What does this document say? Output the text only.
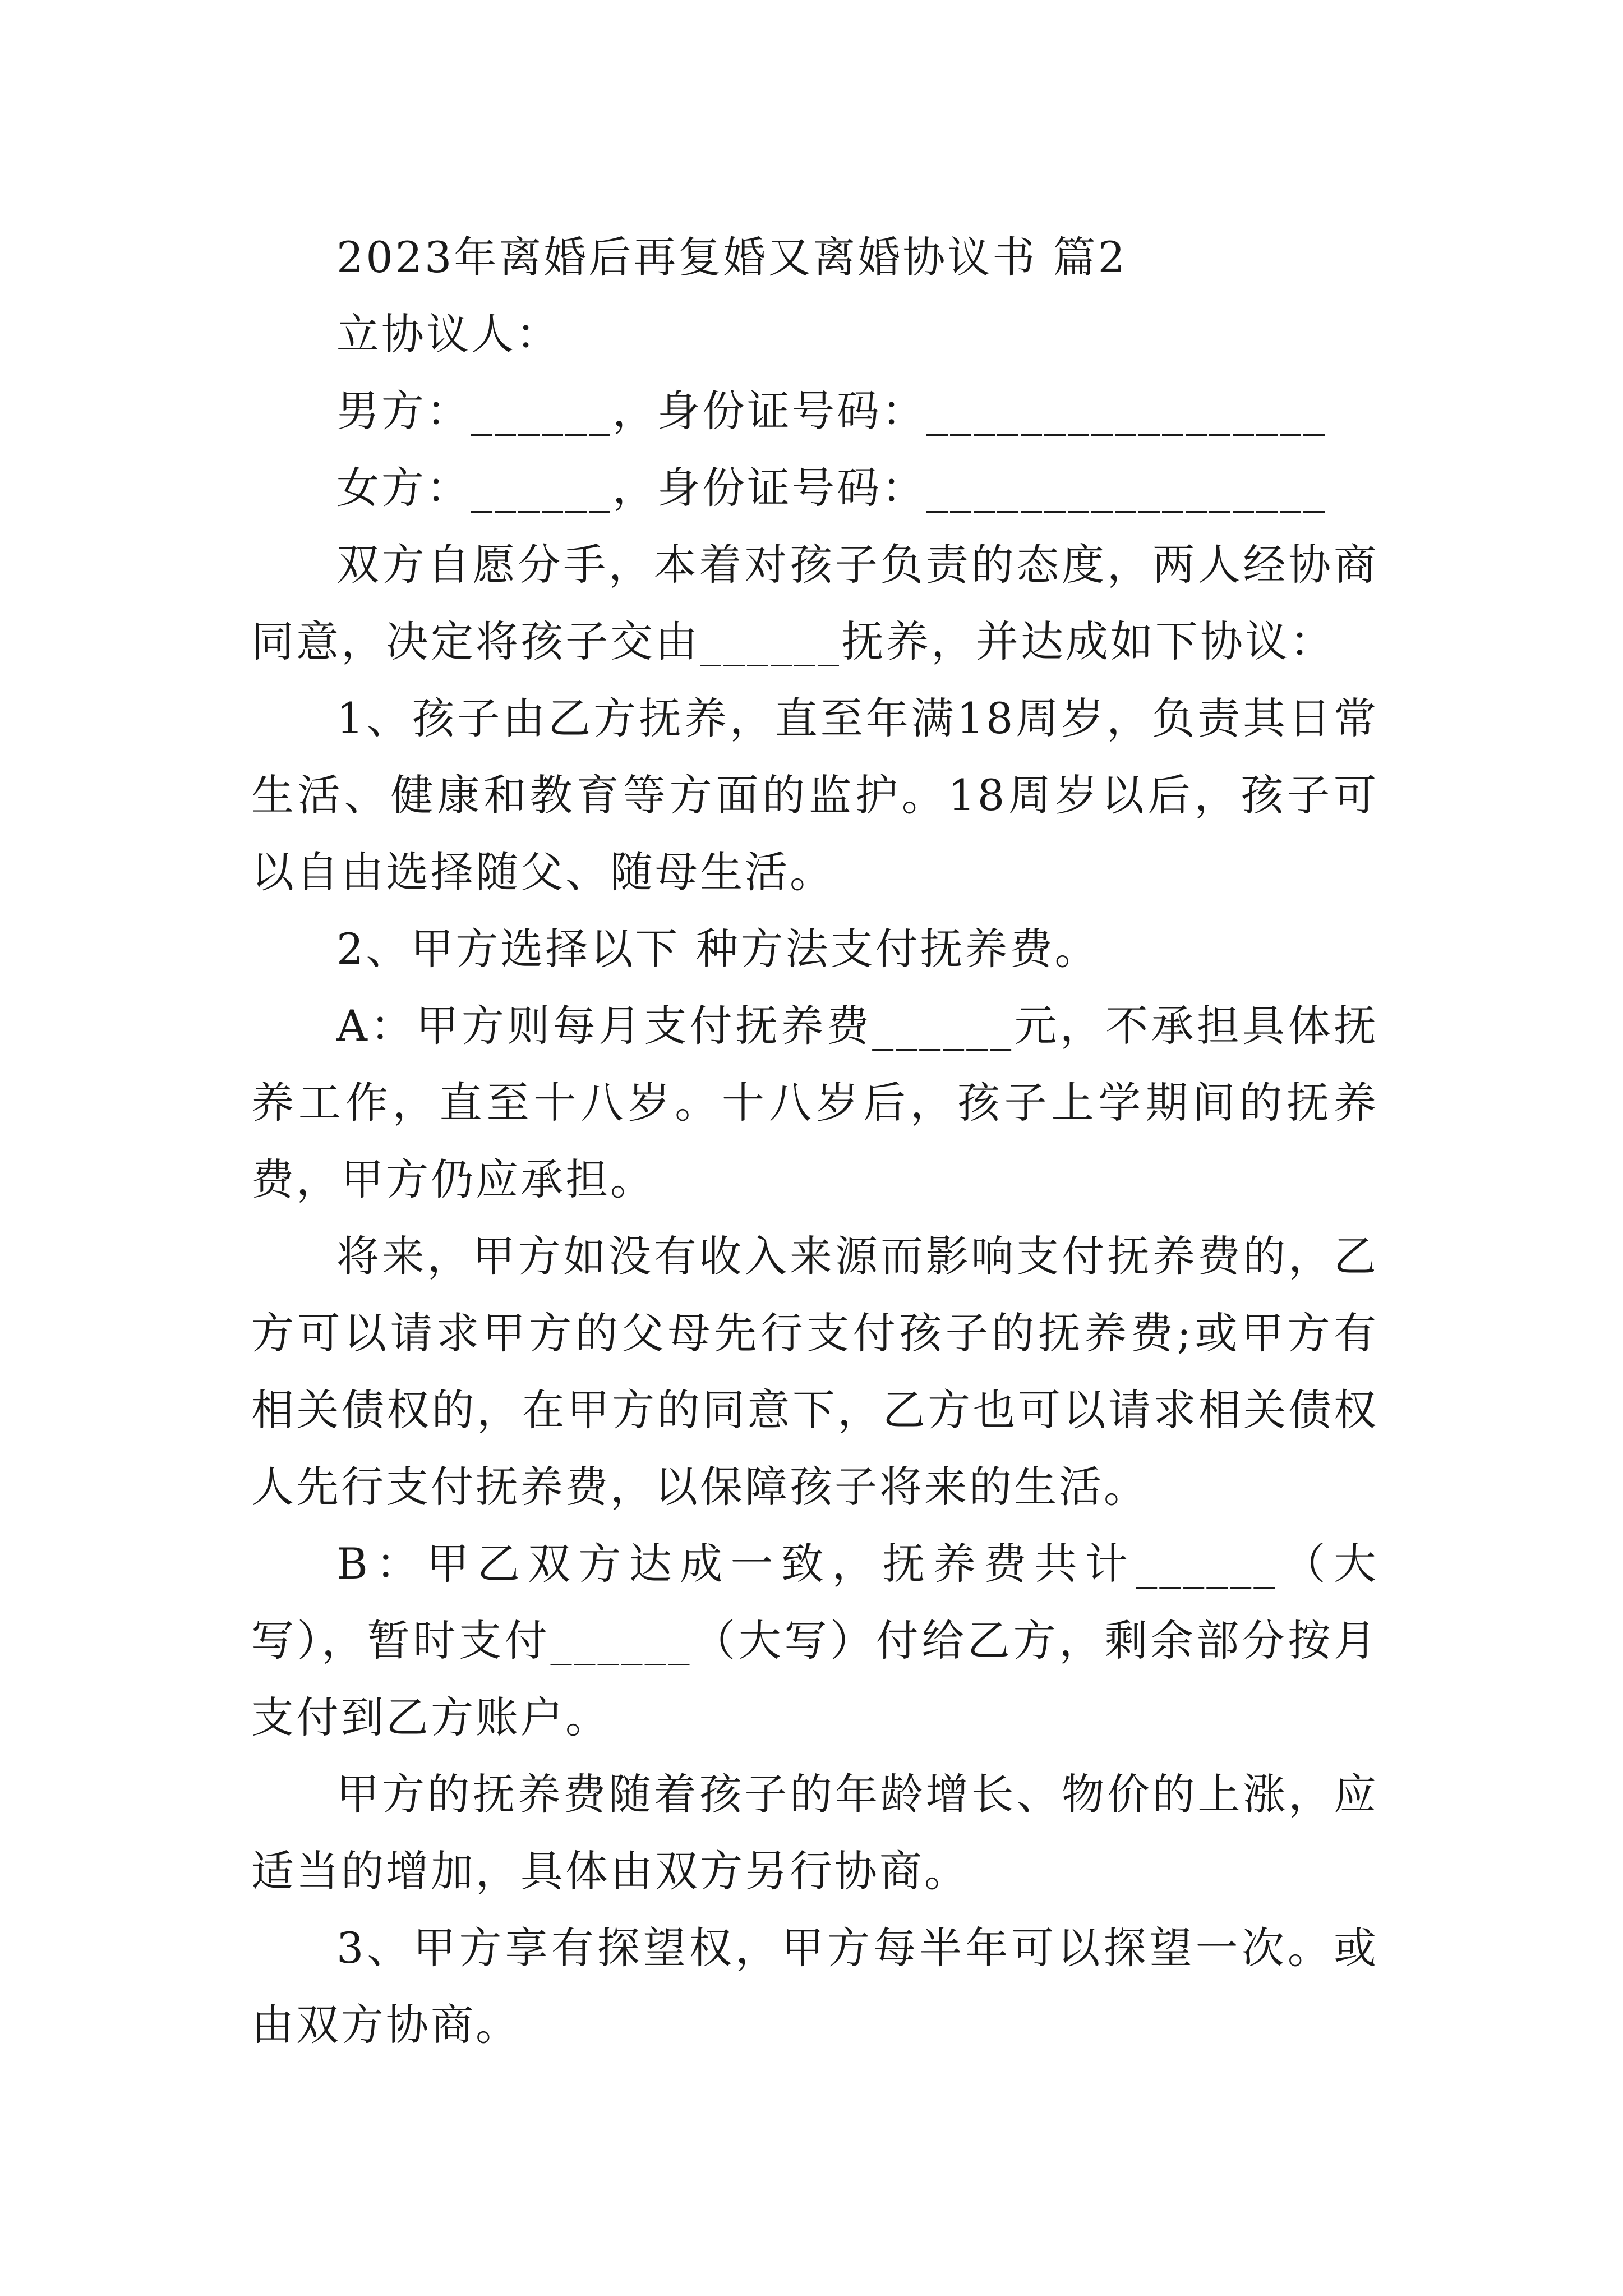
2023年离婚后再复婚又离婚协议书 篇2

立协议人：

男方：______，身份证号码：_________________

女方：______，身份证号码：_________________

双方自愿分手，本着对孩子负责的态度，两人经协商同意，决定将孩子交由______抚养，并达成如下协议：

1、孩子由乙方抚养，直至年满18周岁，负责其日常生活、健康和教育等方面的监护。18周岁以后，孩子可以自由选择随父、随母生活。

2、甲方选择以下 种方法支付抚养费。

A：甲方则每月支付抚养费______元，不承担具体抚养工作，直至十八岁。十八岁后，孩子上学期间的抚养费，甲方仍应承担。

将来，甲方如没有收入来源而影响支付抚养费的，乙方可以请求甲方的父母先行支付孩子的抚养费;或甲方有相关债权的，在甲方的同意下，乙方也可以请求相关债权人先行支付抚养费，以保障孩子将来的生活。

B：甲乙双方达成一致，抚养费共计______（大写），暂时支付______（大写）付给乙方，剩余部分按月支付到乙方账户。

甲方的抚养费随着孩子的年龄增长、物价的上涨，应适当的增加，具体由双方另行协商。

3、甲方享有探望权，甲方每半年可以探望一次。或由双方协商。
